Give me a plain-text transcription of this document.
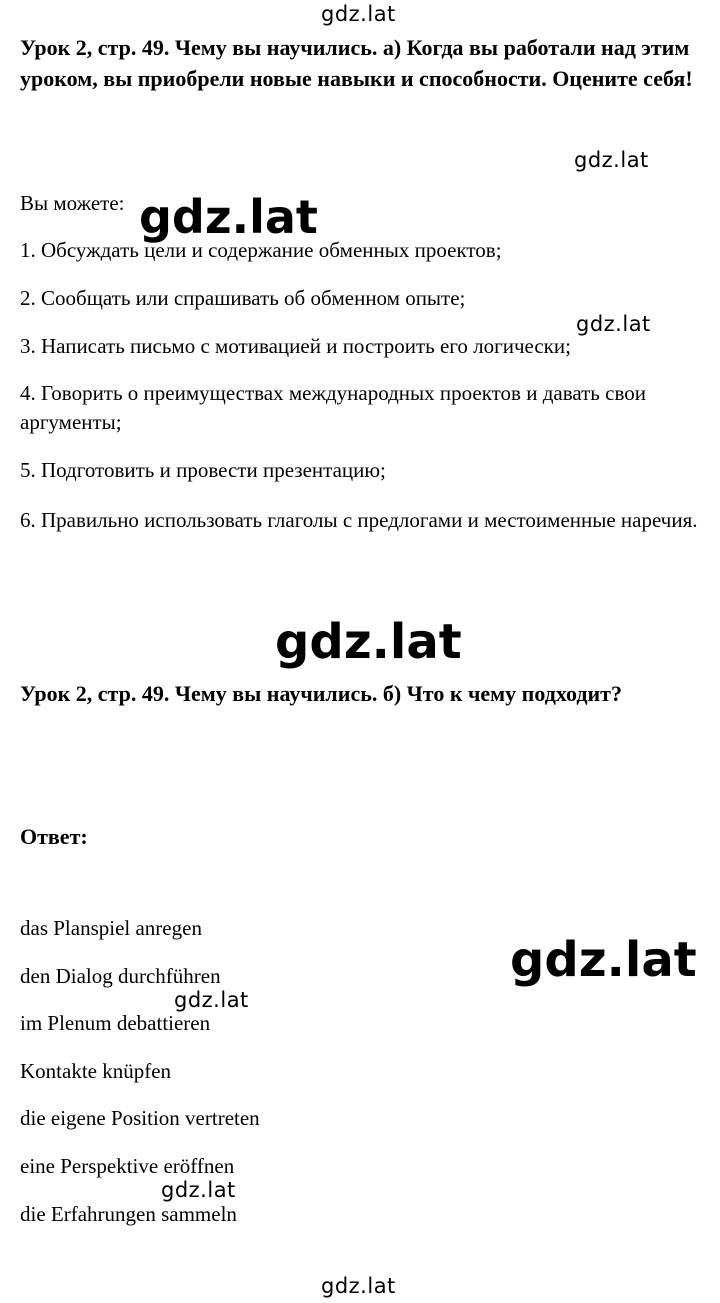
gdz.lat
gdz.lat
gdz.lat
gdz.lat
gdz.lat
gdz.lat
gdz.lat
gdz.lat
gdz.lat

Урок 2, стр. 49. Чему вы научились. а) Когда вы работали над этим уроком, вы приобрели новые навыки и способности. Оцените себя!

Вы можете:

1. Обсуждать цели и содержание обменных проектов;

2. Сообщать или спрашивать об обменном опыте;

3. Написать письмо с мотивацией и построить его логически;

4. Говорить о преимуществах международных проектов и давать свои аргументы;

5. Подготовить и провести презентацию;

6. Правильно использовать глаголы с предлогами и местоименные наречия.

Урок 2, стр. 49. Чему вы научились. б) Что к чему подходит?

Ответ:

das Planspiel anregen

den Dialog durchführen

im Plenum debattieren

Kontakte knüpfen

die eigene Position vertreten

eine Perspektive eröffnen

die Erfahrungen sammeln
